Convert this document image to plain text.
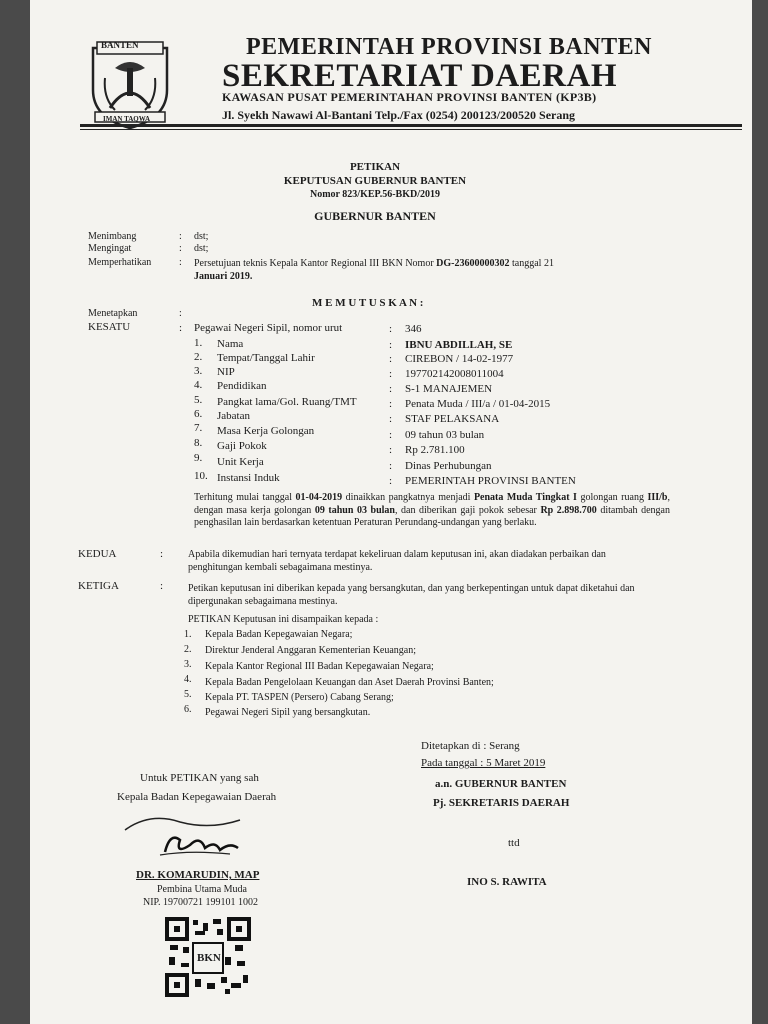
BANTEN
IMAN TAQWA
PEMERINTAH PROVINSI BANTEN
SEKRETARIAT DAERAH
KAWASAN PUSAT PEMERINTAHAN PROVINSI BANTEN (KP3B)
Jl. Syekh Nawawi Al-Bantani Telp./Fax (0254) 200123/200520 Serang
PETIKAN
KEPUTUSAN GUBERNUR BANTEN
Nomor 823/KEP.56-BKD/2019
GUBERNUR BANTEN
Menimbang	: dst;
Mengingat	: dst;
Memperhatikan	: Persetujuan teknis Kepala Kantor Regional III BKN Nomor DG-23600000302 tanggal 21
Januari 2019.
M E M U T U S K A N :
Menetapkan	:
KESATU	: Pegawai Negeri Sipil, nomor urut	: 346
1. Nama	: IBNU ABDILLAH, SE
2. Tempat/Tanggal Lahir	: CIREBON / 14-02-1977
3. NIP	: 197702142008011004
4. Pendidikan	: S-1 MANAJEMEN
5. Pangkat lama/Gol. Ruang/TMT	: Penata Muda / III/a / 01-04-2015
6. Jabatan	: STAF PELAKSANA
7. Masa Kerja Golongan	: 09 tahun 03 bulan
8. Gaji Pokok	: Rp 2.781.100
9. Unit Kerja	: Dinas Perhubungan
10. Instansi Induk	: PEMERINTAH PROVINSI BANTEN
Terhitung mulai tanggal 01-04-2019 dinaikkan pangkatnya menjadi Penata Muda Tingkat I golongan ruang III/b, dengan masa kerja golongan 09 tahun 03 bulan, dan diberikan gaji pokok sebesar Rp 2.898.700 ditambah dengan penghasilan lain berdasarkan ketentuan Peraturan Perundang-undangan yang berlaku.
KEDUA	: Apabila dikemudian hari ternyata terdapat kekeliruan dalam keputusan ini, akan diadakan perbaikan dan penghitungan kembali sebagaimana mestinya.
KETIGA	: Petikan keputusan ini diberikan kepada yang bersangkutan, dan yang berkepentingan untuk dapat diketahui dan dipergunakan sebagaimana mestinya.
PETIKAN Keputusan ini disampaikan kepada :
1. Kepala Badan Kepegawaian Negara;
2. Direktur Jenderal Anggaran Kementerian Keuangan;
3. Kepala Kantor Regional III Badan Kepegawaian Negara;
4. Kepala Badan Pengelolaan Keuangan dan Aset Daerah Provinsi Banten;
5. Kepala PT. TASPEN (Persero) Cabang Serang;
6. Pegawai Negeri Sipil yang bersangkutan.
Ditetapkan di : Serang
Pada tanggal : 5 Maret 2019
a.n. GUBERNUR BANTEN
Pj. SEKRETARIS DAERAH
ttd
INO S. RAWITA
Untuk PETIKAN yang sah
Kepala Badan Kepegawaian Daerah
DR. KOMARUDIN, MAP
Pembina Utama Muda
NIP. 19700721 199101 1002
BKN
